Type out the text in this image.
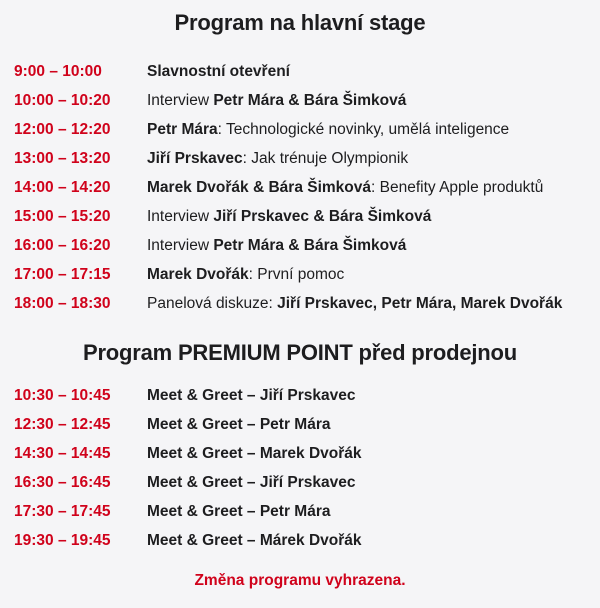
Program na hlavní stage
9:00 – 10:00	Slavnostní otevření
10:00 – 10:20 Interview Petr Mára & Bára Šimková
12:00 – 12:20 Petr Mára: Technologické novinky, umělá inteligence
13:00 – 13:20 Jiří Prskavec: Jak trénuje Olympionik
14:00 – 14:20 Marek Dvořák & Bára Šimková: Benefity Apple produktů
15:00 – 15:20 Interview Jiří Prskavec & Bára Šimková
16:00 – 16:20 Interview Petr Mára & Bára Šimková
17:00 – 17:15 Marek Dvořák: První pomoc
18:00 – 18:30 Panelová diskuze: Jiří Prskavec, Petr Mára, Marek Dvořák
Program PREMIUM POINT před prodejnou
10:30 – 10:45 Meet & Greet – Jiří Prskavec
12:30 – 12:45 Meet & Greet – Petr Mára
14:30 – 14:45 Meet & Greet – Marek Dvořák
16:30 – 16:45 Meet & Greet – Jiří Prskavec
17:30 – 17:45 Meet & Greet – Petr Mára
19:30 – 19:45 Meet & Greet – Márek Dvořák
Změna programu vyhrazena.
